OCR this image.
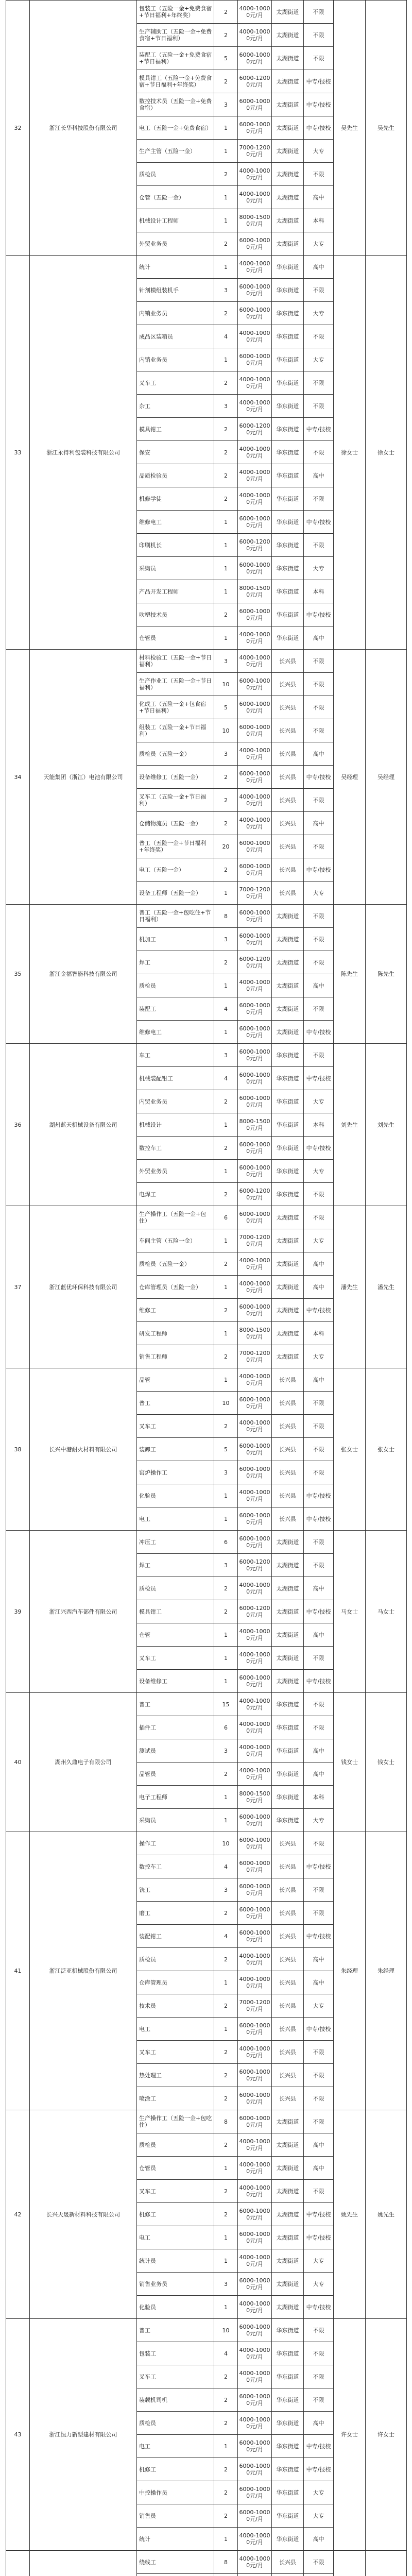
32	浙江长华科技股份有限公司	包装工（五险一金+免费食宿+节日福利+年终奖）	2	4000-10000元/月	太湖街道	不限	吴先生	吴先生
		生产辅助工（五险一金+免费食宿+节日福利）	2	4000-10000元/月	太湖街道	不限		
		装配工（五险一金+免费食宿+节日福利）	5	6000-10000元/月	太湖街道	不限		
		模具钳工（五险一金+免费食宿+节日福利+年终奖）	2	6000-12000元/月	太湖街道	中专/技校		
		数控技术员（五险一金+免费食宿）	3	6000-10000元/月	太湖街道	中专/技校		
		电工（五险一金+免费食宿）	1	6000-10000元/月	太湖街道	中专/技校		
		生产主管（五险一金）	1	7000-12000元/月	太湖街道	大专		
		质检员	2	4000-10000元/月	太湖街道	不限		
		仓管（五险一金）	1	4000-10000元/月	太湖街道	高中		
		机械设计工程师	1	8000-15000元/月	太湖街道	本科		
		外贸业务员	2	6000-10000元/月	太湖街道	大专		
33	浙江永得利包装科技有限公司	统计	1	4000-10000元/月	华东街道	高中	徐女士	徐女士
		针剂模组装机手	3	6000-10000元/月	华东街道	不限		
		内销业务员	2	6000-10000元/月	华东街道	大专		
		成品区装箱员	4	4000-10000元/月	华东街道	不限		
		内销业务员	1	6000-10000元/月	华东街道	大专		
		叉车工	2	4000-10000元/月	华东街道	不限		
		杂工	3	4000-10000元/月	华东街道	不限		
		模具钳工	2	6000-12000元/月	华东街道	中专/技校		
		保安	2	4000-10000元/月	华东街道	不限		
		品质检验员	2	4000-10000元/月	华东街道	高中		
		机修学徒	2	4000-10000元/月	华东街道	不限		
		维修电工	1	6000-10000元/月	华东街道	中专/技校		
		印刷机长	1	6000-12000元/月	华东街道	不限		
		采购员	1	6000-10000元/月	华东街道	大专		
		产品开发工程师	1	8000-15000元/月	华东街道	本科		
		吹塑技术员	2	6000-10000元/月	华东街道	中专/技校		
		仓管员	1	4000-10000元/月	华东街道	高中		
34	天能集团（浙江）电池有限公司	材料检验工（五险一金+节日福利）	3	4000-10000元/月	长兴县	不限	吴经理	吴经理
		生产作业工（五险一金+节日福利）	10	6000-10000元/月	长兴县	不限		
		化成工（五险一金+包食宿+节日福利）	5	6000-10000元/月	长兴县	不限		
		组装工（五险一金+节日福利）	10	6000-10000元/月	长兴县	不限		
		质检员（五险一金）	3	4000-10000元/月	长兴县	高中		
		设备维修工（五险一金）	2	6000-10000元/月	长兴县	中专/技校		
		叉车工（五险一金+节日福利）	2	4000-10000元/月	长兴县	不限		
		仓储物流员（五险一金）	2	4000-10000元/月	长兴县	高中		
		普工（五险一金+节日福利+年终奖）	20	6000-10000元/月	长兴县	不限		
		电工（五险一金）	2	6000-10000元/月	长兴县	中专/技校		
		设备工程师（五险一金）	1	7000-12000元/月	长兴县	大专		
35	浙江金福智能科技有限公司	普工（五险一金+包吃住+节日福利）	8	6000-10000元/月	太湖街道	不限	陈先生	陈先生
		机加工	3	6000-10000元/月	太湖街道	不限		
		焊工	2	6000-12000元/月	太湖街道	不限		
		质检员	1	4000-10000元/月	太湖街道	高中		
		装配工	4	6000-10000元/月	太湖街道	不限		
		维修电工	1	6000-10000元/月	太湖街道	中专/技校		
36	湖州蓝天机械设备有限公司	车工	3	6000-10000元/月	华东街道	不限	刘先生	刘先生
		机械装配钳工	4	6000-10000元/月	华东街道	中专/技校		
		内贸业务员	2	6000-10000元/月	华东街道	大专		
		机械设计	1	8000-15000元/月	华东街道	本科		
		数控车工	2	6000-10000元/月	华东街道	中专/技校		
		外贸业务员	1	6000-10000元/月	华东街道	大专		
		电焊工	2	6000-12000元/月	华东街道	不限		
37	浙江蓝优环保科技有限公司	生产操作工（五险一金+包住）	6	6000-10000元/月	太湖街道	不限	潘先生	潘先生
		车间主管（五险一金）	1	7000-12000元/月	太湖街道	大专		
		质检员（五险一金）	2	4000-10000元/月	太湖街道	高中		
		仓库管理员（五险一金）	1	4000-10000元/月	太湖街道	高中		
		维修工	2	6000-10000元/月	太湖街道	中专/技校		
		研发工程师	1	8000-15000元/月	太湖街道	本科		
		销售工程师	2	7000-12000元/月	太湖街道	大专		
38	长兴中港耐火材料有限公司	品管	1	4000-10000元/月	长兴县	高中	张女士	张女士
		普工	10	6000-10000元/月	长兴县	不限		
		叉车工	2	4000-10000元/月	长兴县	不限		
		装卸工	5	6000-10000元/月	长兴县	不限		
		窑炉操作工	3	6000-10000元/月	长兴县	不限		
		化验员	1	4000-10000元/月	长兴县	中专/技校		
		电工	1	6000-10000元/月	长兴县	中专/技校		
39	浙江兴西汽车部件有限公司	冲压工	6	6000-10000元/月	太湖街道	不限	马女士	马女士
		焊工	3	6000-12000元/月	太湖街道	不限		
		质检员	2	4000-10000元/月	太湖街道	高中		
		模具钳工	2	6000-12000元/月	太湖街道	中专/技校		
		仓管	1	4000-10000元/月	太湖街道	高中		
		叉车工	1	4000-10000元/月	太湖街道	不限		
		设备维修工	1	6000-10000元/月	太湖街道	中专/技校		
40	湖州久鼎电子有限公司	普工	15	4000-10000元/月	华东街道	不限	钱女士	钱女士
		插件工	6	4000-10000元/月	华东街道	不限		
		测试员	3	4000-10000元/月	华东街道	高中		
		品管员	2	4000-10000元/月	华东街道	高中		
		电子工程师	1	8000-15000元/月	华东街道	本科		
		采购员	1	6000-10000元/月	华东街道	大专		
41	浙江泛亚机械股份有限公司	操作工	10	6000-10000元/月	长兴县	不限	朱经理	朱经理
		数控车工	4	6000-10000元/月	长兴县	中专/技校		
		铣工	3	6000-10000元/月	长兴县	不限		
		磨工	2	6000-10000元/月	长兴县	不限		
		装配钳工	4	6000-10000元/月	长兴县	中专/技校		
		质检员	2	4000-10000元/月	长兴县	高中		
		仓库管理员	1	4000-10000元/月	长兴县	高中		
		技术员	2	7000-12000元/月	长兴县	大专		
		电工	1	6000-10000元/月	长兴县	中专/技校		
		叉车工	2	4000-10000元/月	长兴县	不限		
		热处理工	2	6000-10000元/月	长兴县	不限		
		喷涂工	2	6000-10000元/月	长兴县	不限		
42	长兴天晟新材料科技有限公司	生产操作工（五险一金+包吃住）	8	6000-10000元/月	太湖街道	不限	姚先生	姚先生
		质检员	2	4000-10000元/月	太湖街道	高中		
		仓管员	1	4000-10000元/月	太湖街道	高中		
		叉车工	2	4000-10000元/月	太湖街道	不限		
		机修工	2	6000-10000元/月	太湖街道	中专/技校		
		电工	1	6000-10000元/月	太湖街道	中专/技校		
		统计员	1	4000-10000元/月	太湖街道	大专		
		销售业务员	3	6000-10000元/月	太湖街道	大专		
		化验员	1	4000-10000元/月	太湖街道	中专/技校		
43	浙江恒力新型建材有限公司	普工	10	6000-10000元/月	华东街道	不限	许女士	许女士
		包装工	4	4000-10000元/月	华东街道	不限		
		叉车工	2	4000-10000元/月	华东街道	不限		
		装载机司机	2	6000-10000元/月	华东街道	不限		
		质检员	2	4000-10000元/月	华东街道	高中		
		电工	1	6000-10000元/月	华东街道	中专/技校		
		机修工	2	6000-10000元/月	华东街道	中专/技校		
		中控操作员	2	6000-10000元/月	华东街道	大专		
		销售员	2	6000-10000元/月	华东街道	大专		
		统计	1	4000-10000元/月	华东街道	高中		
		绕线工	8	4000-10000元/月	长兴县	不限		
